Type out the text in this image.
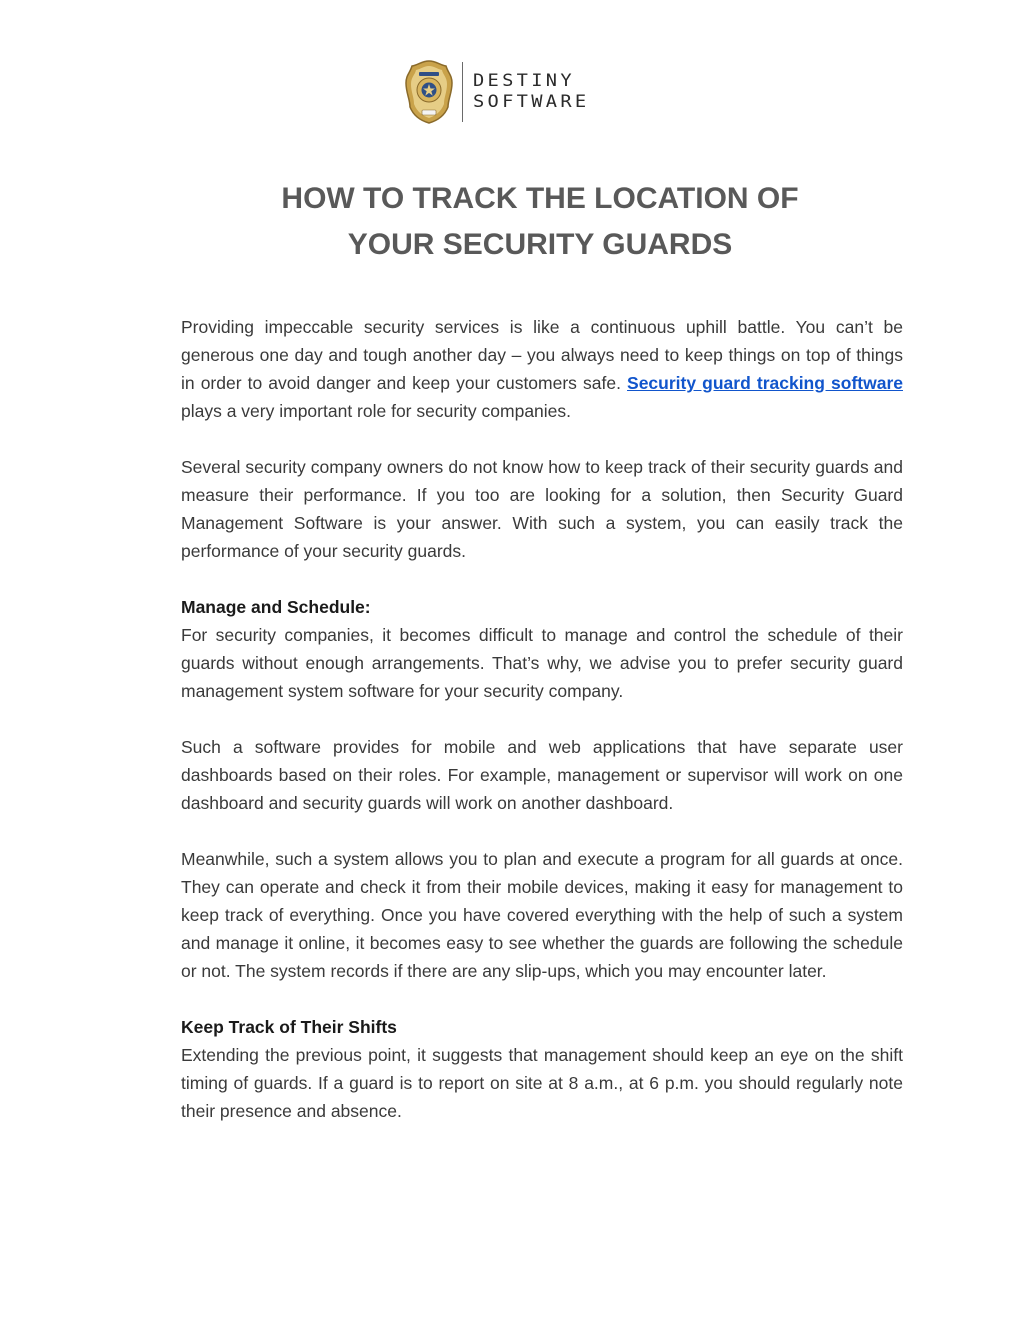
DESTINY
SOFTWARE
HOW TO TRACK THE LOCATION OF
YOUR SECURITY GUARDS

Providing impeccable security services is like a continuous uphill battle. You can’t be generous one day and tough another day – you always need to keep things on top of things in order to avoid danger and keep your customers safe. Security guard tracking software plays a very important role for security companies.

Several security company owners do not know how to keep track of their security guards and measure their performance. If you too are looking for a solution, then Security Guard Management Software is your answer. With such a system, you can easily track the performance of your security guards.

Manage and Schedule:

For security companies, it becomes difficult to manage and control the schedule of their guards without enough arrangements. That’s why, we advise you to prefer security guard management system software for your security company.

Such a software provides for mobile and web applications that have separate user dashboards based on their roles. For example, management or supervisor will work on one dashboard and security guards will work on another dashboard.

Meanwhile, such a system allows you to plan and execute a program for all guards at once. They can operate and check it from their mobile devices, making it easy for management to keep track of everything. Once you have covered everything with the help of such a system and manage it online, it becomes easy to see whether the guards are following the schedule or not. The system records if there are any slip-ups, which you may encounter later.

Keep Track of Their Shifts

Extending the previous point, it suggests that management should keep an eye on the shift timing of guards. If a guard is to report on site at 8 a.m., at 6 p.m. you should regularly note their presence and absence.
